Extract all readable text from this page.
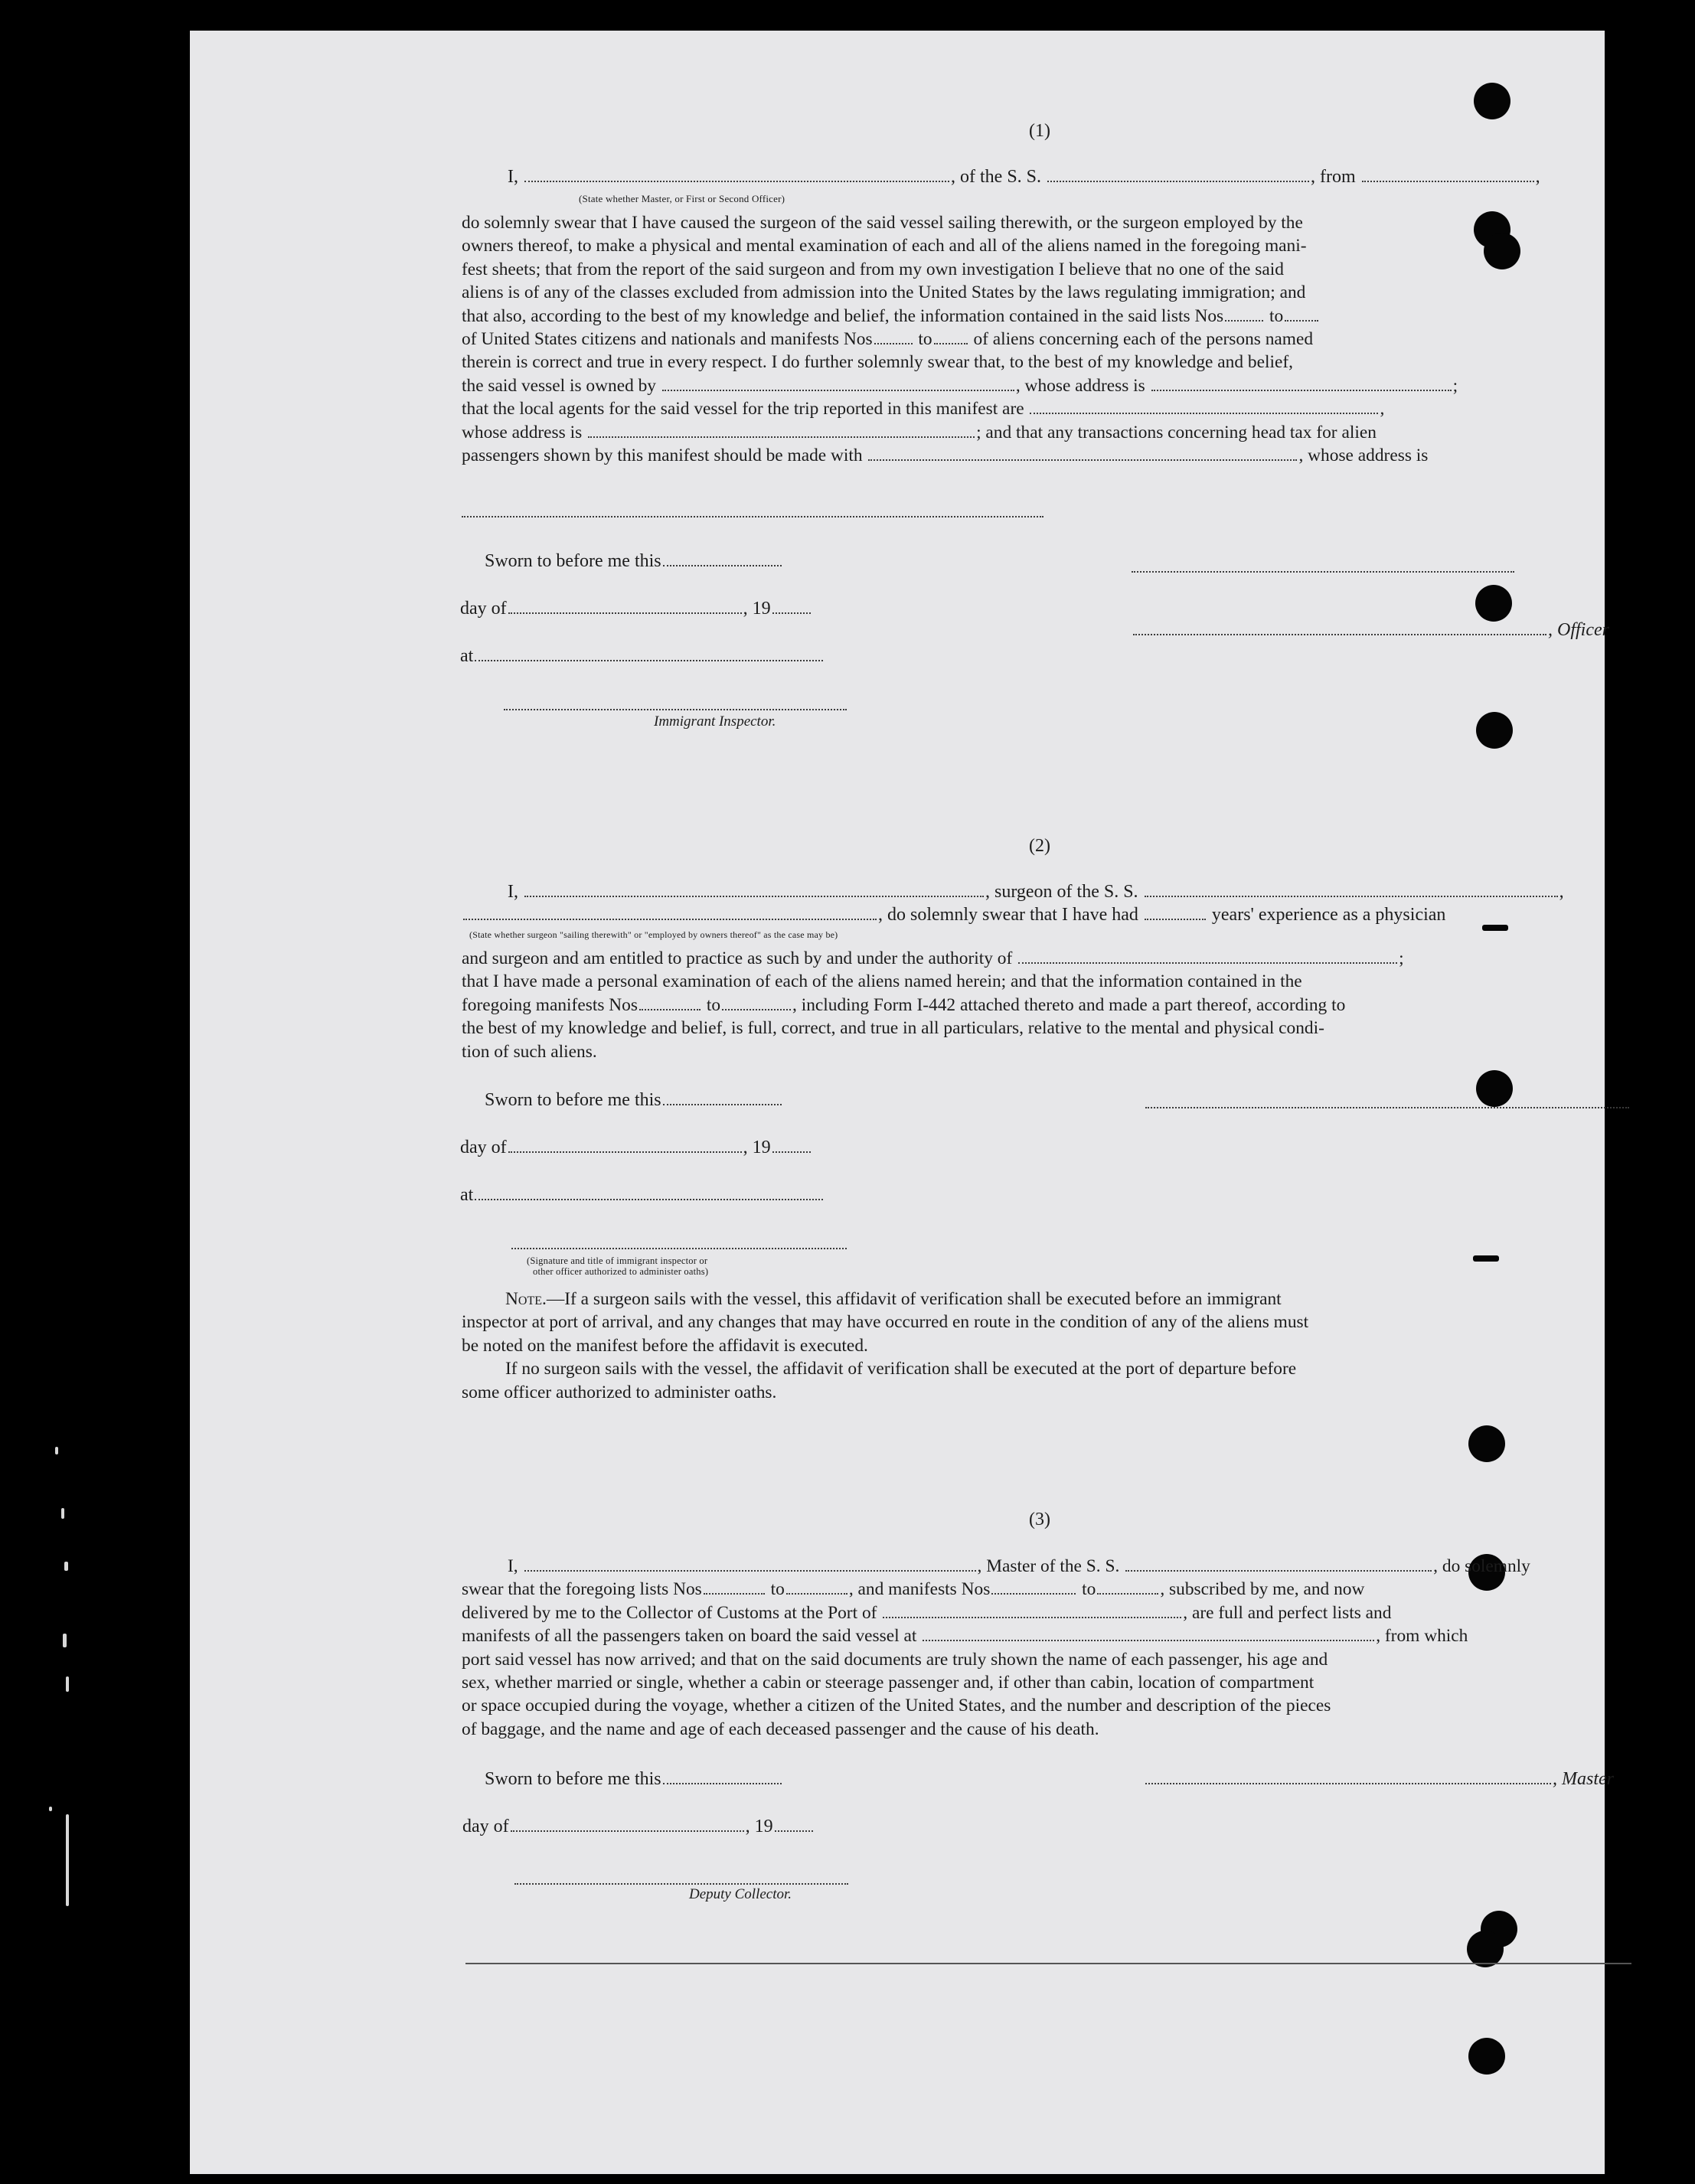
(1)
I,	, of the S. S.	, from	,
(State whether Master, or First or Second Officer)
do solemnly swear that I have caused the surgeon of the said vessel sailing therewith, or the surgeon employed by the
owners thereof, to make a physical and mental examination of each and all of the aliens named in the foregoing mani-
fest sheets; that from the report of the said surgeon and from my own investigation I believe that no one of the said
aliens is of any of the classes excluded from admission into the United States by the laws regulating immigration; and
that also, according to the best of my knowledge and belief, the information contained in the said lists Nos to
of United States citizens and nationals and manifests Nos to of aliens concerning each of the persons named
therein is correct and true in every respect. I do further solemnly swear that, to the best of my knowledge and belief,
the said vessel is owned by	, whose address is	;
that the local agents for the said vessel for the trip reported in this manifest are	,
whose address is	; and that any transactions concerning head tax for alien
passengers shown by this manifest should be made with	, whose address is
Sworn to before me this
day of	, 19
at
Immigrant Inspector.
, Officer
(2)
I,	, surgeon of the S. S.	,
, do solemnly swear that I have had	years' experience as a physician
(State whether surgeon "sailing therewith" or "employed by owners thereof" as the case may be)
and surgeon and am entitled to practice as such by and under the authority of	;
that I have made a personal examination of each of the aliens named herein; and that the information contained in the
foregoing manifests Nos	to	, including Form I-442 attached thereto and made a part thereof, according to
the best of my knowledge and belief, is full, correct, and true in all particulars, relative to the mental and physical condi-
tion of such aliens.
Sworn to before me this
day of	, 19
at
(Signature and title of immigrant inspector or
other officer authorized to administer oaths)
Note.—If a surgeon sails with the vessel, this affidavit of verification shall be executed before an immigrant
inspector at port of arrival, and any changes that may have occurred en route in the condition of any of the aliens must
be noted on the manifest before the affidavit is executed.
If no surgeon sails with the vessel, the affidavit of verification shall be executed at the port of departure before
some officer authorized to administer oaths.
(3)
I,	, Master of the S. S.	, do solemnly
swear that the foregoing lists Nos	to	, and manifests Nos	to	, subscribed by me, and now
delivered by me to the Collector of Customs at the Port of	, are full and perfect lists and
manifests of all the passengers taken on board the said vessel at	, from which
port said vessel has now arrived; and that on the said documents are truly shown the name of each passenger, his age and
sex, whether married or single, whether a cabin or steerage passenger and, if other than cabin, location of compartment
or space occupied during the voyage, whether a citizen of the United States, and the number and description of the pieces
of baggage, and the name and age of each deceased passenger and the cause of his death.
Sworn to before me this
day of	, 19
Deputy Collector.
, Master
